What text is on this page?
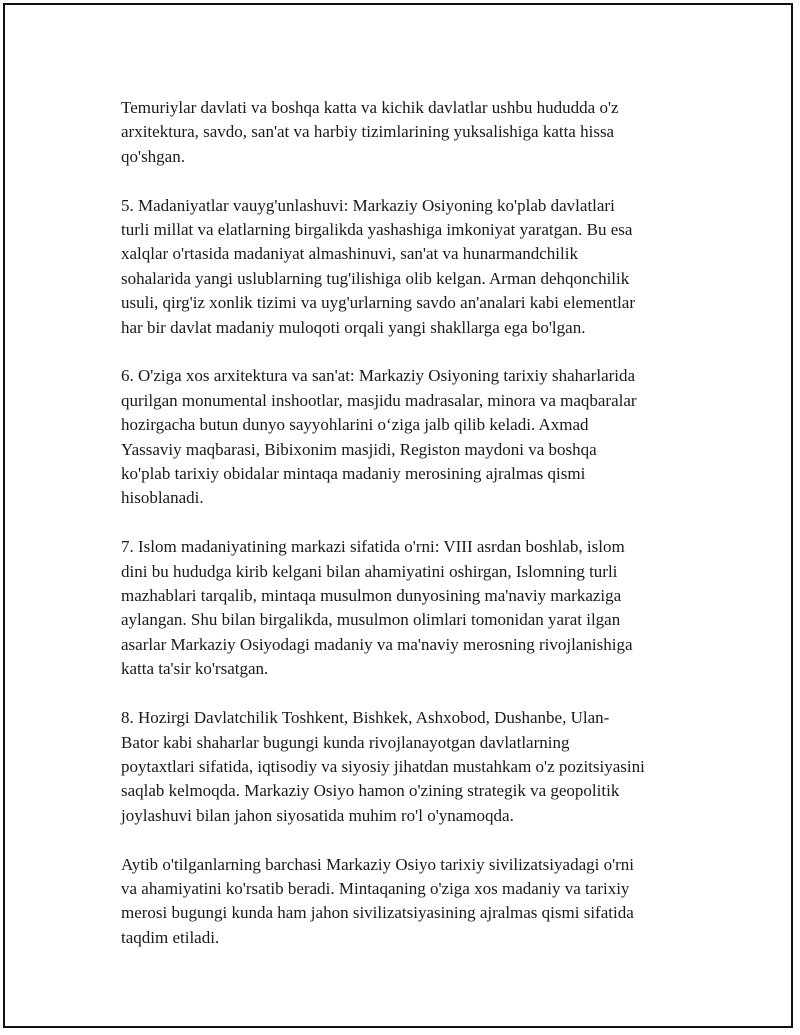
Temuriylar davlati va boshqa katta va kichik davlatlar ushbu hududda o'z
arxitektura, savdo, san'at va harbiy tizimlarining yuksalishiga katta hissa
qo'shgan.

5. Madaniyatlar vauyg'unlashuvi: Markaziy Osiyoning ko'plab davlatlari
turli millat va elatlarning birgalikda yashashiga imkoniyat yaratgan. Bu esa
xalqlar o'rtasida madaniyat almashinuvi, san'at va hunarmandchilik
sohalarida yangi uslublarning tug'ilishiga olib kelgan. Arman dehqonchilik
usuli, qirg'iz xonlik tizimi va uyg'urlarning savdo an'analari kabi elementlar
har bir davlat madaniy muloqoti orqali yangi shakllarga ega bo'lgan.

6. O'ziga xos arxitektura va san'at: Markaziy Osiyoning tarixiy shaharlarida
qurilgan monumental inshootlar, masjidu madrasalar, minora va maqbaralar
hozirgacha butun dunyo sayyohlarini o‘ziga jalb qilib keladi. Axmad
Yassaviy maqbarasi, Bibixonim masjidi, Registon maydoni va boshqa
ko'plab tarixiy obidalar mintaqa madaniy merosining ajralmas qismi
hisoblanadi.

7. Islom madaniyatining markazi sifatida o'rni: VIII asrdan boshlab, islom
dini bu hududga kirib kelgani bilan ahamiyatini oshirgan, Islomning turli
mazhablari tarqalib, mintaqa musulmon dunyosining ma'naviy markaziga
aylangan. Shu bilan birgalikda, musulmon olimlari tomonidan yarat ilgan
asarlar Markaziy Osiyodagi madaniy va ma'naviy merosning rivojlanishiga
katta ta'sir ko'rsatgan.

8. Hozirgi Davlatchilik Toshkent, Bishkek, Ashxobod, Dushanbe, Ulan-
Bator kabi shaharlar bugungi kunda rivojlanayotgan davlatlarning
poytaxtlari sifatida, iqtisodiy va siyosiy jihatdan mustahkam o'z pozitsiyasini
saqlab kelmoqda. Markaziy Osiyo hamon o'zining strategik va geopolitik
joylashuvi bilan jahon siyosatida muhim ro'l o'ynamoqda.

Aytib o'tilganlarning barchasi Markaziy Osiyo tarixiy sivilizatsiyadagi o'rni
va ahamiyatini ko'rsatib beradi. Mintaqaning o'ziga xos madaniy va tarixiy
merosi bugungi kunda ham jahon sivilizatsiyasining ajralmas qismi sifatida
taqdim etiladi.
